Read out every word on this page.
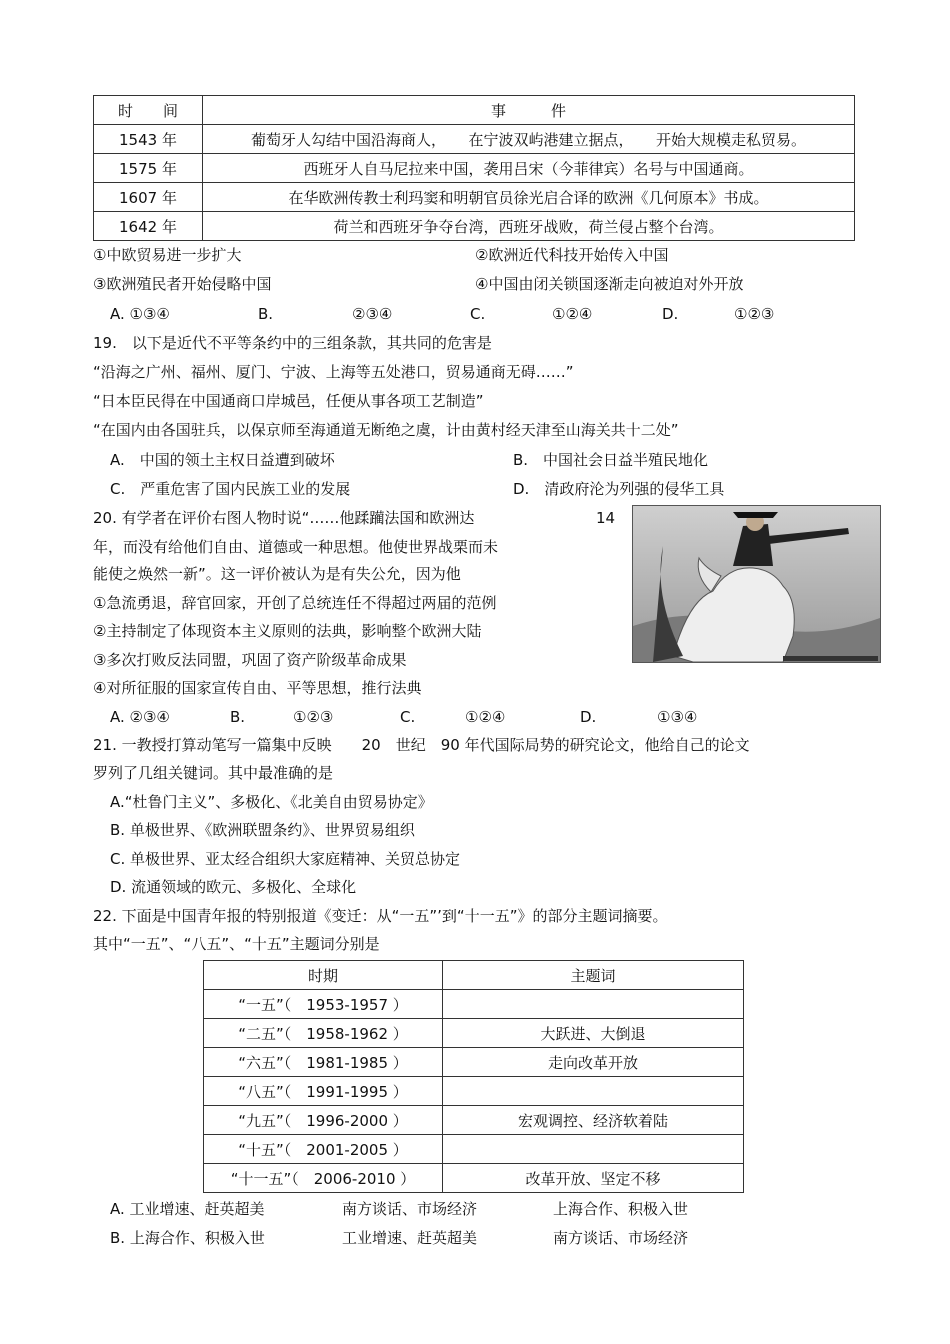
时　　间	事　　　件
1543 年	葡萄牙人勾结中国沿海商人，　　在宁波双屿港建立据点，　　开始大规模走私贸易。
1575 年	西班牙人自马尼拉来中国，袭用吕宋（今菲律宾）名号与中国通商。
1607 年	在华欧洲传教士利玛窦和明朝官员徐光启合译的欧洲《几何原本》书成。
1642 年	荷兰和西班牙争夺台湾，西班牙战败，荷兰侵占整个台湾。
①中欧贸易进一步扩大	②欧洲近代科技开始传入中国
③欧洲殖民者开始侵略中国	④中国由闭关锁国逐渐走向被迫对外开放
A. ①③④	B.	②③④	C.	①②④	D.	①②③
19.　以下是近代不平等条约中的三组条款，其共同的危害是
“沿海之广州、福州、厦门、宁波、上海等五处港口，贸易通商无碍……”
“日本臣民得在中国通商口岸城邑，任便从事各项工艺制造”
“在国内由各国驻兵，以保京师至海通道无断绝之虞，计由黄村经天津至山海关共十二处”
A.　中国的领土主权日益遭到破坏	B.　中国社会日益半殖民地化
C.　严重危害了国内民族工业的发展	D.　清政府沦为列强的侵华工具
20. 有学者在评价右图人物时说“……他蹂躏法国和欧洲达	14
年，而没有给他们自由、道德或一种思想。他使世界战栗而未
能使之焕然一新”。这一评价被认为是有失公允，因为他
①急流勇退，辞官回家，开创了总统连任不得超过两届的范例
②主持制定了体现资本主义原则的法典，影响整个欧洲大陆
③多次打败反法同盟，巩固了资产阶级革命成果
④对所征服的国家宣传自由、平等思想，推行法典
A. ②③④	B.	①②③	C.	①②④	D.	①③④
21. 一教授打算动笔写一篇集中反映　　20　世纪　90 年代国际局势的研究论文，他给自己的论文
罗列了几组关键词。其中最准确的是
A.“杜鲁门主义”、多极化、《北美自由贸易协定》
B. 单极世界、《欧洲联盟条约》、世界贸易组织
C. 单极世界、亚太经合组织大家庭精神、关贸总协定
D. 流通领域的欧元、多极化、全球化
22. 下面是中国青年报的特别报道《变迁：从“一五”’到“十一五”》的部分主题词摘要。
其中“一五”、“八五”、“十五”主题词分别是
时期	主题词
“一五”（　1953-1957 ）	
“二五”（　1958-1962 ）	大跃进、大倒退
“六五”（　1981-1985 ）	走向改革开放
“八五”（　1991-1995 ）	
“九五”（　1996-2000 ）	宏观调控、经济软着陆
“十五”（　2001-2005 ）	
“十一五”（　2006-2010 ）	改革开放、坚定不移
A. 工业增速、赶英超美	南方谈话、市场经济	上海合作、积极入世
B. 上海合作、积极入世	工业增速、赶英超美	南方谈话、市场经济
